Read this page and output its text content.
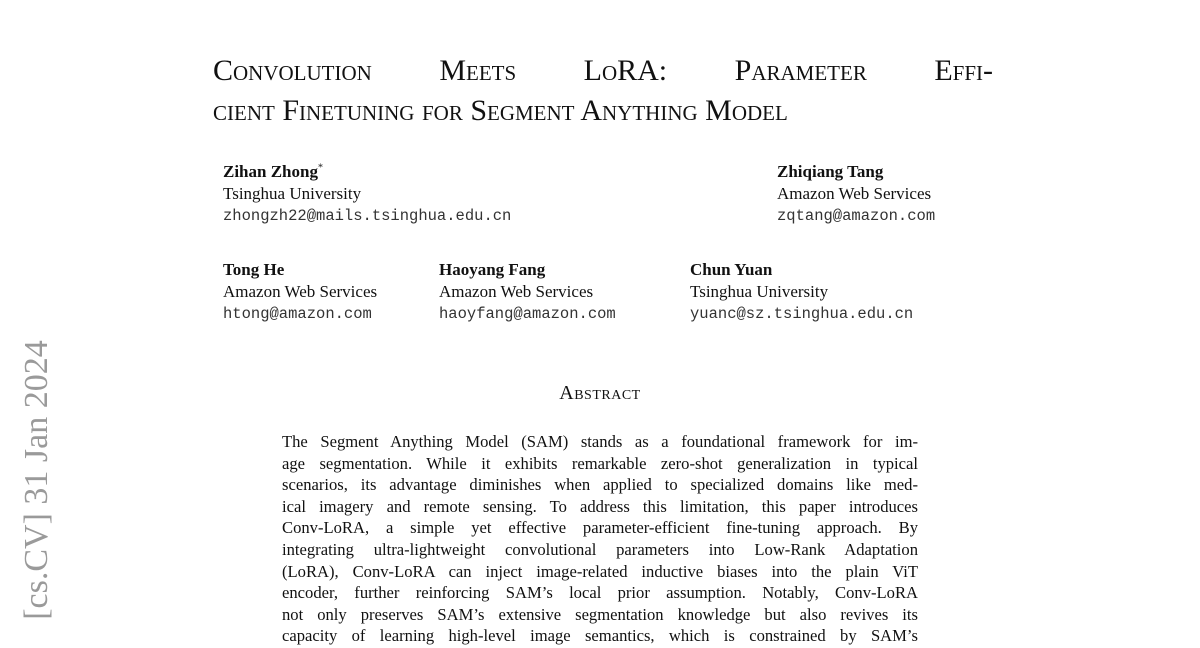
[cs.CV] 31 Jan 2024
Convolution Meets LoRA: Parameter Effi-
cient Finetuning for Segment Anything Model
Zihan Zhong*
Tsinghua University
zhongzh22@mails.tsinghua.edu.cn
Zhiqiang Tang
Amazon Web Services
zqtang@amazon.com
Tong He
Amazon Web Services
htong@amazon.com
Haoyang Fang
Amazon Web Services
haoyfang@amazon.com
Chun Yuan
Tsinghua University
yuanc@sz.tsinghua.edu.cn
Abstract
The Segment Anything Model (SAM) stands as a foundational framework for im-
age segmentation. While it exhibits remarkable zero-shot generalization in typical
scenarios, its advantage diminishes when applied to specialized domains like med-
ical imagery and remote sensing. To address this limitation, this paper introduces
Conv-LoRA, a simple yet effective parameter-efficient fine-tuning approach. By
integrating ultra-lightweight convolutional parameters into Low-Rank Adaptation
(LoRA), Conv-LoRA can inject image-related inductive biases into the plain ViT
encoder, further reinforcing SAM’s local prior assumption. Notably, Conv-LoRA
not only preserves SAM’s extensive segmentation knowledge but also revives its
capacity of learning high-level image semantics, which is constrained by SAM’s
